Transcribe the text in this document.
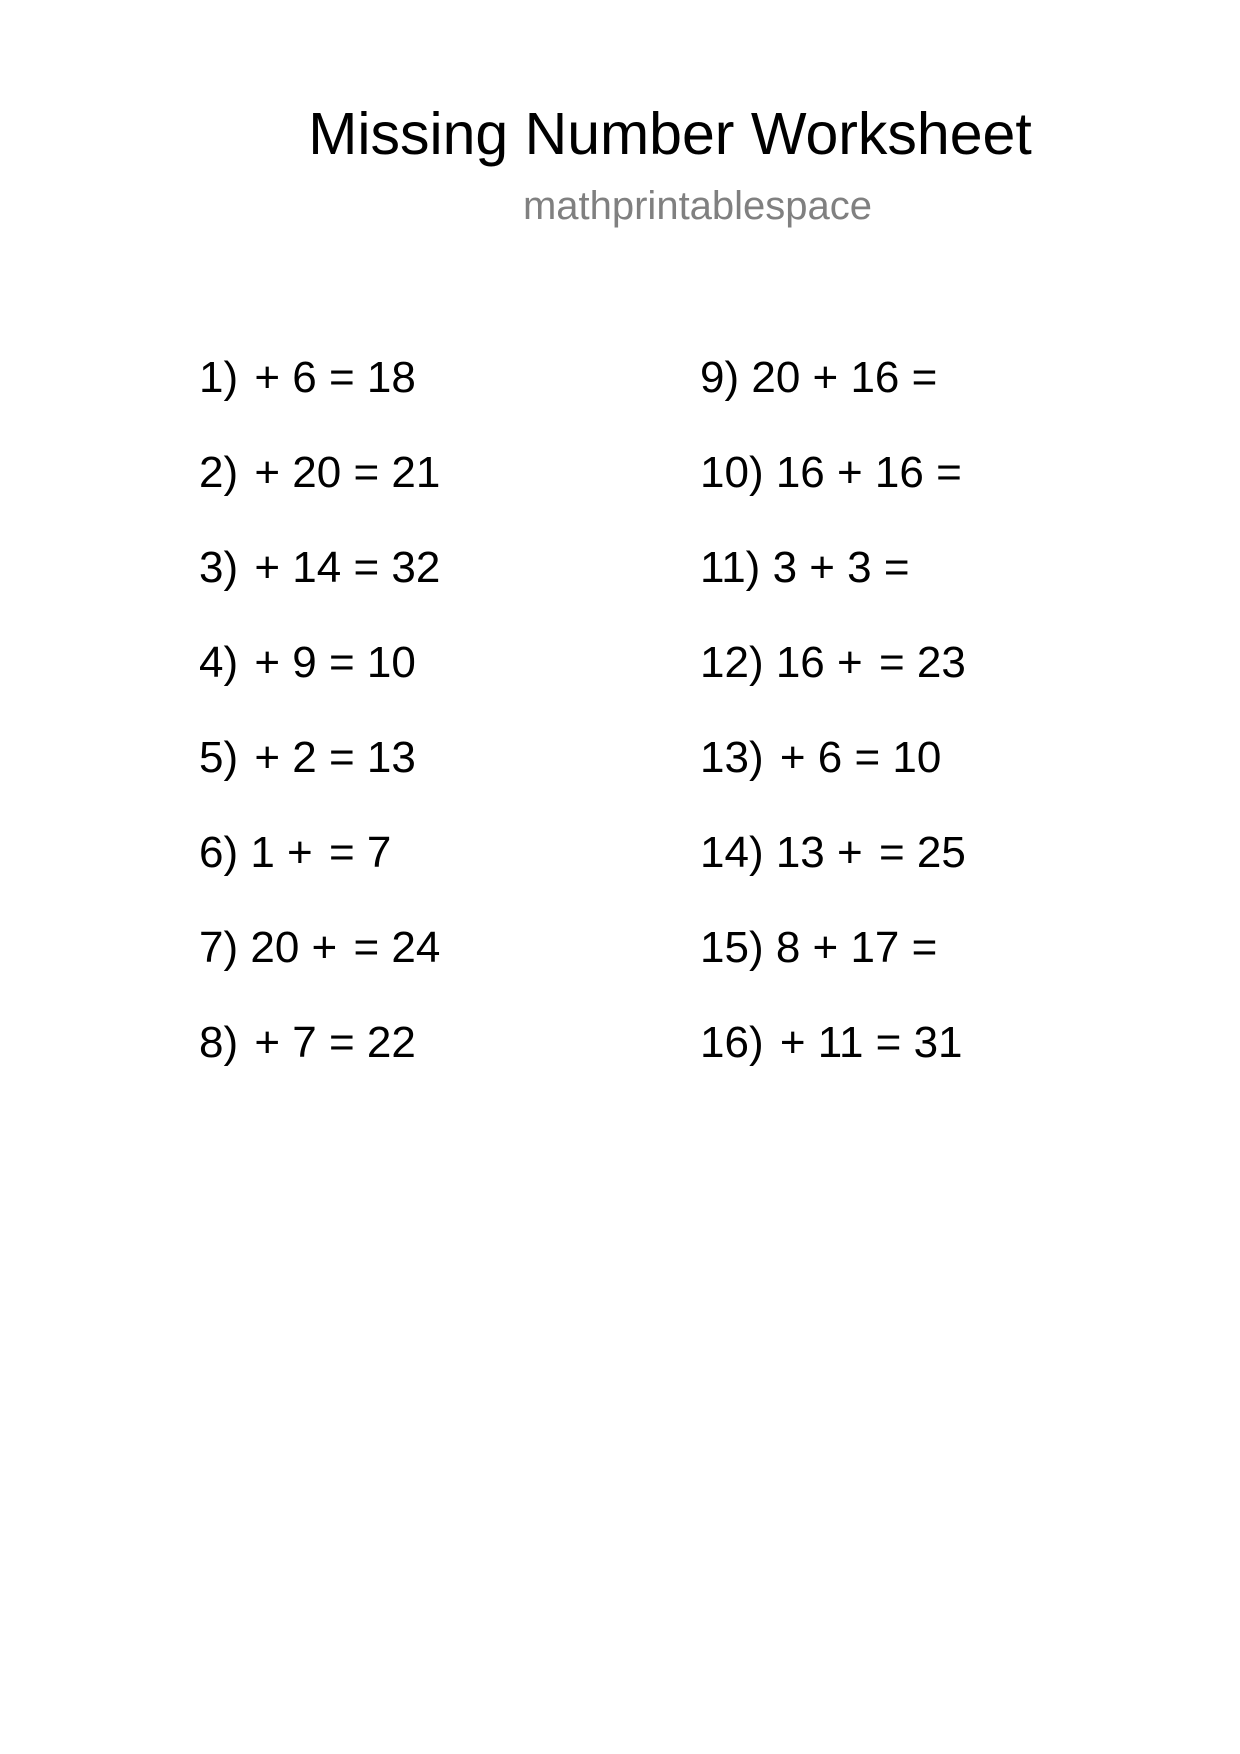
Missing Number Worksheet
mathprintablespace
1) + 6 = 18
2) + 20 = 21
3) + 14 = 32
4) + 9 = 10
5) + 2 = 13
6) 1 + = 7
7) 20 + = 24
8) + 7 = 22
9) 20 + 16 =
10) 16 + 16 =
11) 3 + 3 =
12) 16 + = 23
13) + 6 = 10
14) 13 + = 25
15) 8 + 17 =
16) + 11 = 31
